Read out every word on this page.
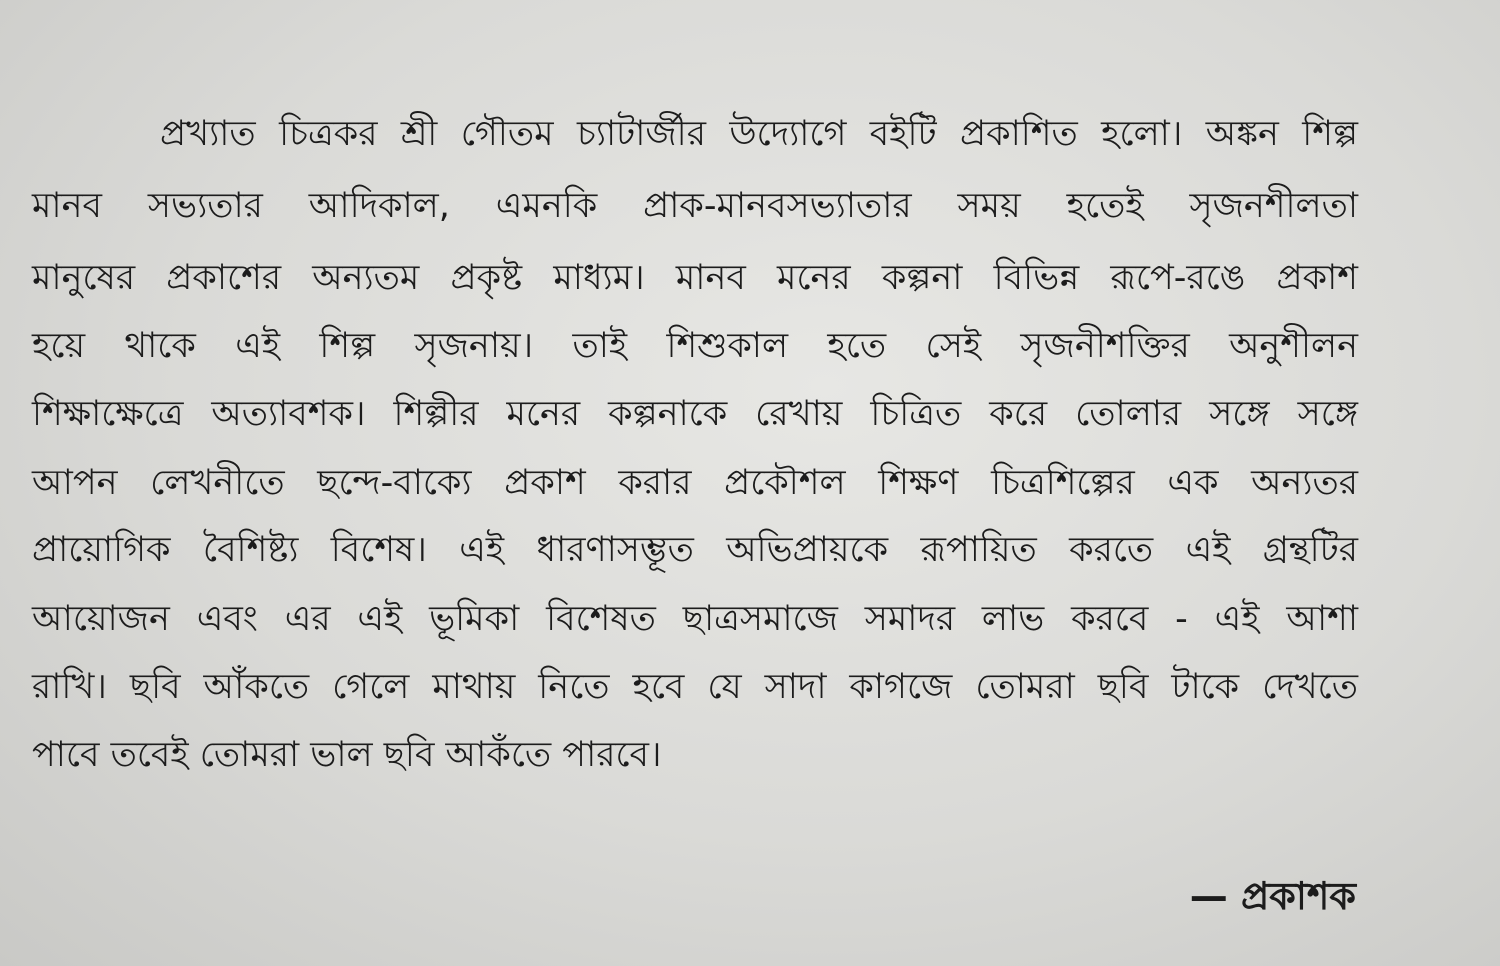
প্রখ্যাত চিত্রকর শ্রী গৌতম চ্যাটার্জীর উদ্যোগে বইটি প্রকাশিত হলো। অঙ্কন শিল্প
মানব সভ্যতার আদিকাল, এমনকি প্রাক-মানবসভ্যাতার সময় হতেই সৃজনশীলতা
মানুষের প্রকাশের অন্যতম প্রকৃষ্ট মাধ্যম। মানব মনের কল্পনা বিভিন্ন রূপে-রঙে প্রকাশ
হয়ে থাকে এই শিল্প সৃজনায়। তাই শিশুকাল হতে সেই সৃজনীশক্তির অনুশীলন
শিক্ষাক্ষেত্রে অত্যাবশক। শিল্পীর মনের কল্পনাকে রেখায় চিত্রিত করে তোলার সঙ্গে সঙ্গে
আপন লেখনীতে ছন্দে-বাক্যে প্রকাশ করার প্রকৌশল শিক্ষণ চিত্রশিল্পের এক অন্যতর
প্রায়োগিক বৈশিষ্ট্য বিশেষ। এই ধারণাসম্ভূত অভিপ্রায়কে রূপায়িত করতে এই গ্রন্থটির
আয়োজন এবং এর এই ভূমিকা বিশেষত ছাত্রসমাজে সমাদর লাভ করবে - এই আশা
রাখি। ছবি আঁকতে গেলে মাথায় নিতে হবে যে সাদা কাগজে তোমরা ছবি টাকে দেখতে
পাবে তবেই তোমরা ভাল ছবি আকঁতে পারবে।
— প্রকাশক
